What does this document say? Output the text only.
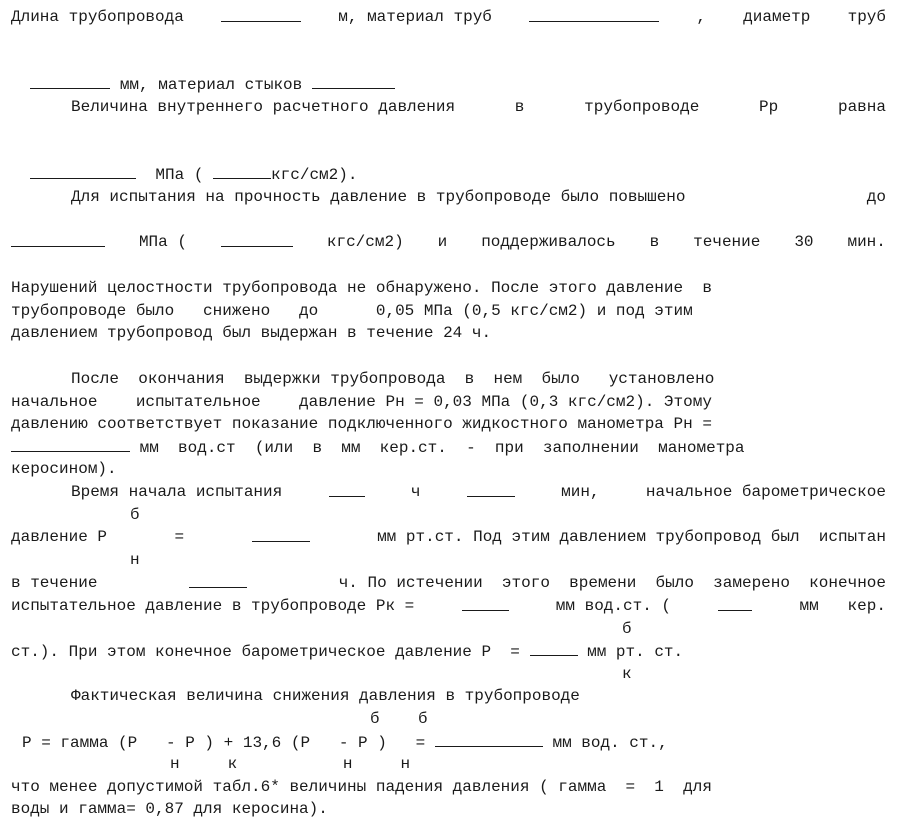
Длина трубопровода	м, материал труб	, диаметр труб

мм, материал стыков

Величина внутреннего расчетного давления	в	трубопроводе	Рр	равна

МПа (	кгс/см2).

Для испытания на прочность давление в трубопроводе было повышено	до
МПа (	кгс/см2) и поддерживалось в течение 30 мин.
Нарушений целостности трубопровода не обнаружено. После этого давление  в
трубопроводе было   снижено   до      0,05 МПа (0,5 кгс/см2) и под этим
давлением трубопровод был выдержан в течение 24 ч.
После  окончания  выдержки трубопровода  в  нем  было   установлено
начальное    испытательное    давление Рн = 0,03 МПа (0,3 кгс/см2). Этому
давлению соответствует показание подключенного жидкостного манометра Рн =
мм  вод.ст  (или  в  мм  кер.ст.  -  при  заполнении  манометра
керосином).
Время начала испытания	ч	мин,	начальное барометрическое
б
давление Р	=	мм рт.ст. Под этим давлением трубопровод был  испытан
н
в течение	ч. По истечении  этого  времени  было  замерено  конечное
испытательное давление в трубопроводе Рк =	мм вод.ст. (	мм   кер.
б
ст.). При этом конечное барометрическое давление Р =	мм рт. ст.
к
Фактическая величина снижения давления в трубопроводе
б    б
Р = гамма (Р   - Р ) + 13,6 (Р   - Р )   =	мм вод. ст.,
н     к           н     н
что менее допустимой табл.6* величины падения давления ( гамма  =  1  для
воды и гамма= 0,87 для керосина).
